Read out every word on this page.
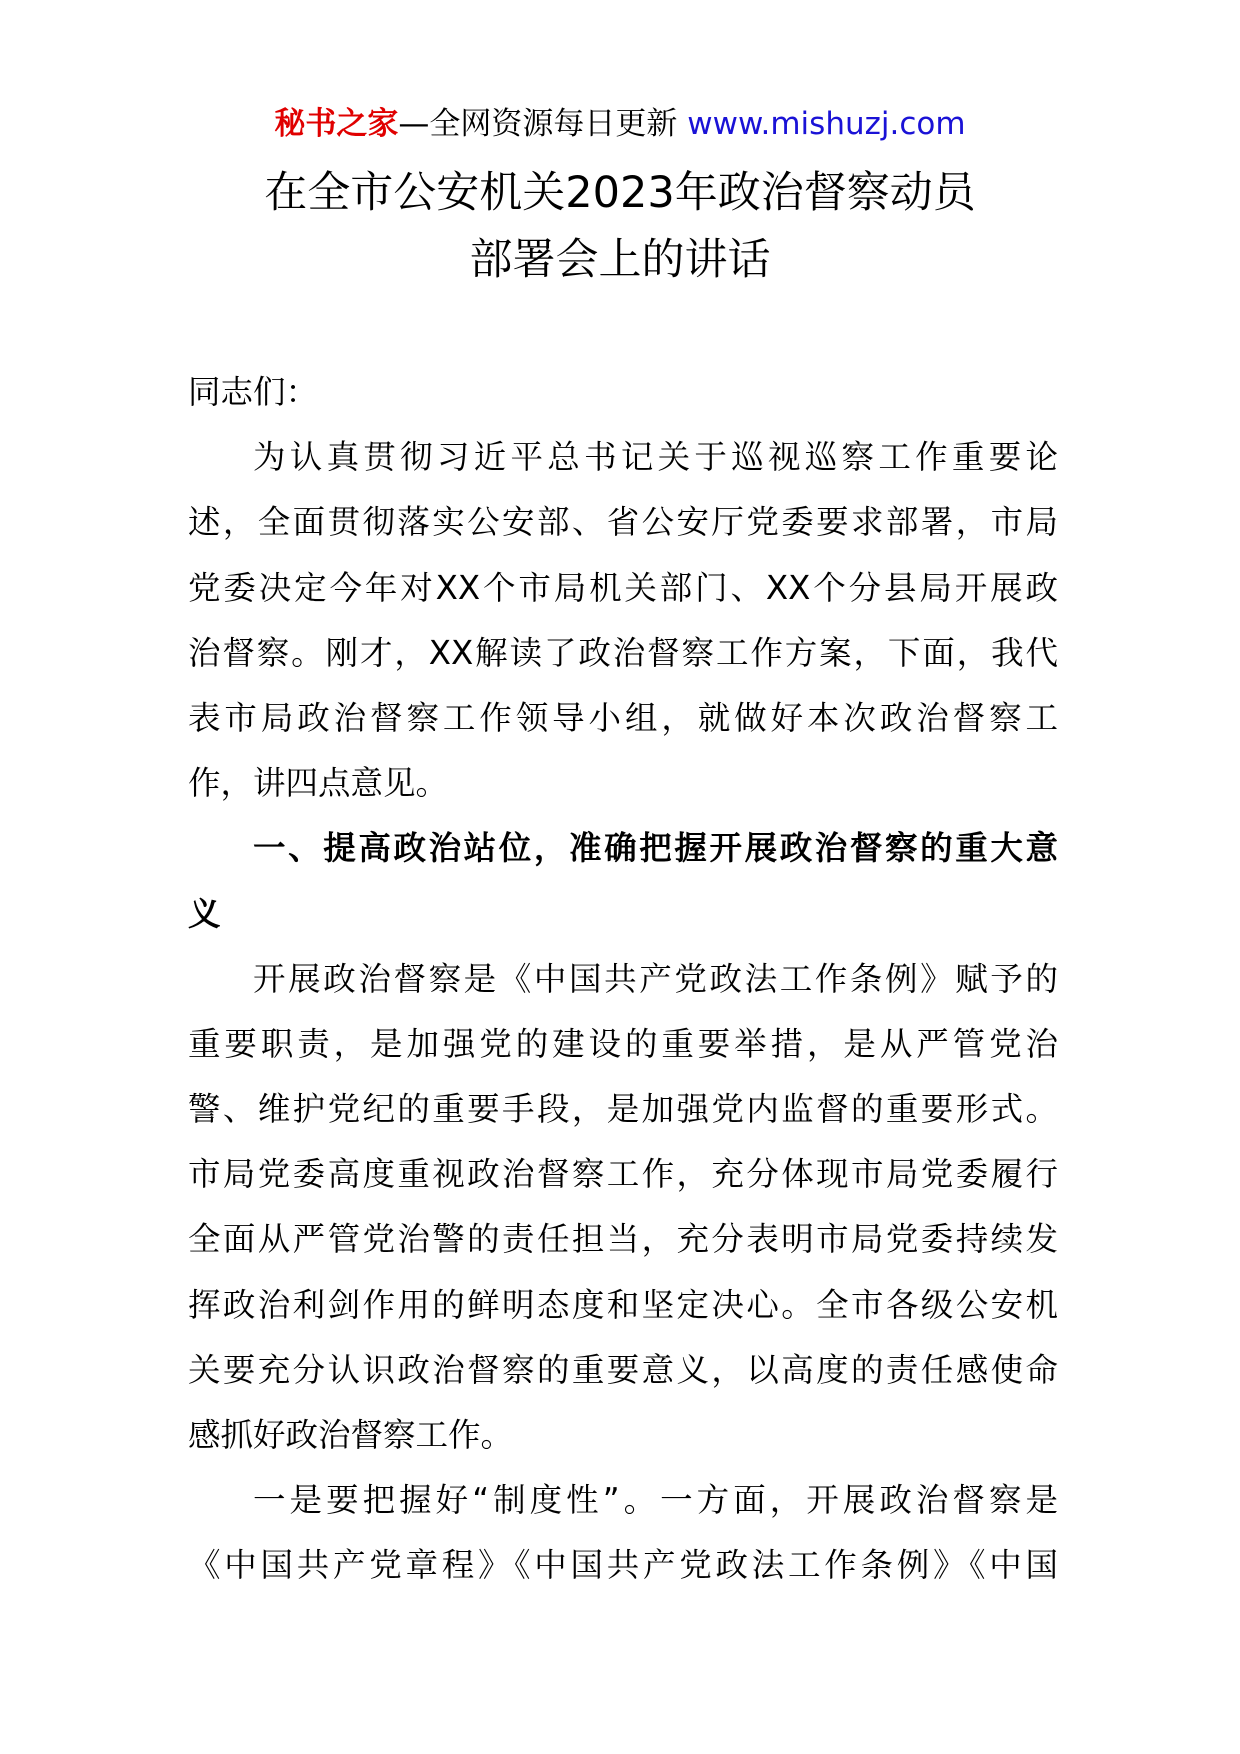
秘书之家—全网资源每日更新 www.mishuzj.com
在全市公安机关2023年政治督察动员
部署会上的讲话
同志们：
为认真贯彻习近平总书记关于巡视巡察工作重要论
述，全面贯彻落实公安部、省公安厅党委要求部署，市局
党委决定今年对XX个市局机关部门、XX个分县局开展政
治督察。刚才，XX解读了政治督察工作方案，下面，我代
表市局政治督察工作领导小组，就做好本次政治督察工
作，讲四点意见。
一、提高政治站位，准确把握开展政治督察的重大意
义
开展政治督察是《中国共产党政法工作条例》赋予的
重要职责，是加强党的建设的重要举措，是从严管党治
警、维护党纪的重要手段，是加强党内监督的重要形式。
市局党委高度重视政治督察工作，充分体现市局党委履行
全面从严管党治警的责任担当，充分表明市局党委持续发
挥政治利剑作用的鲜明态度和坚定决心。全市各级公安机
关要充分认识政治督察的重要意义，以高度的责任感使命
感抓好政治督察工作。
一是要把握好“制度性”。一方面，开展政治督察是
《中国共产党章程》《中国共产党政法工作条例》《中国
